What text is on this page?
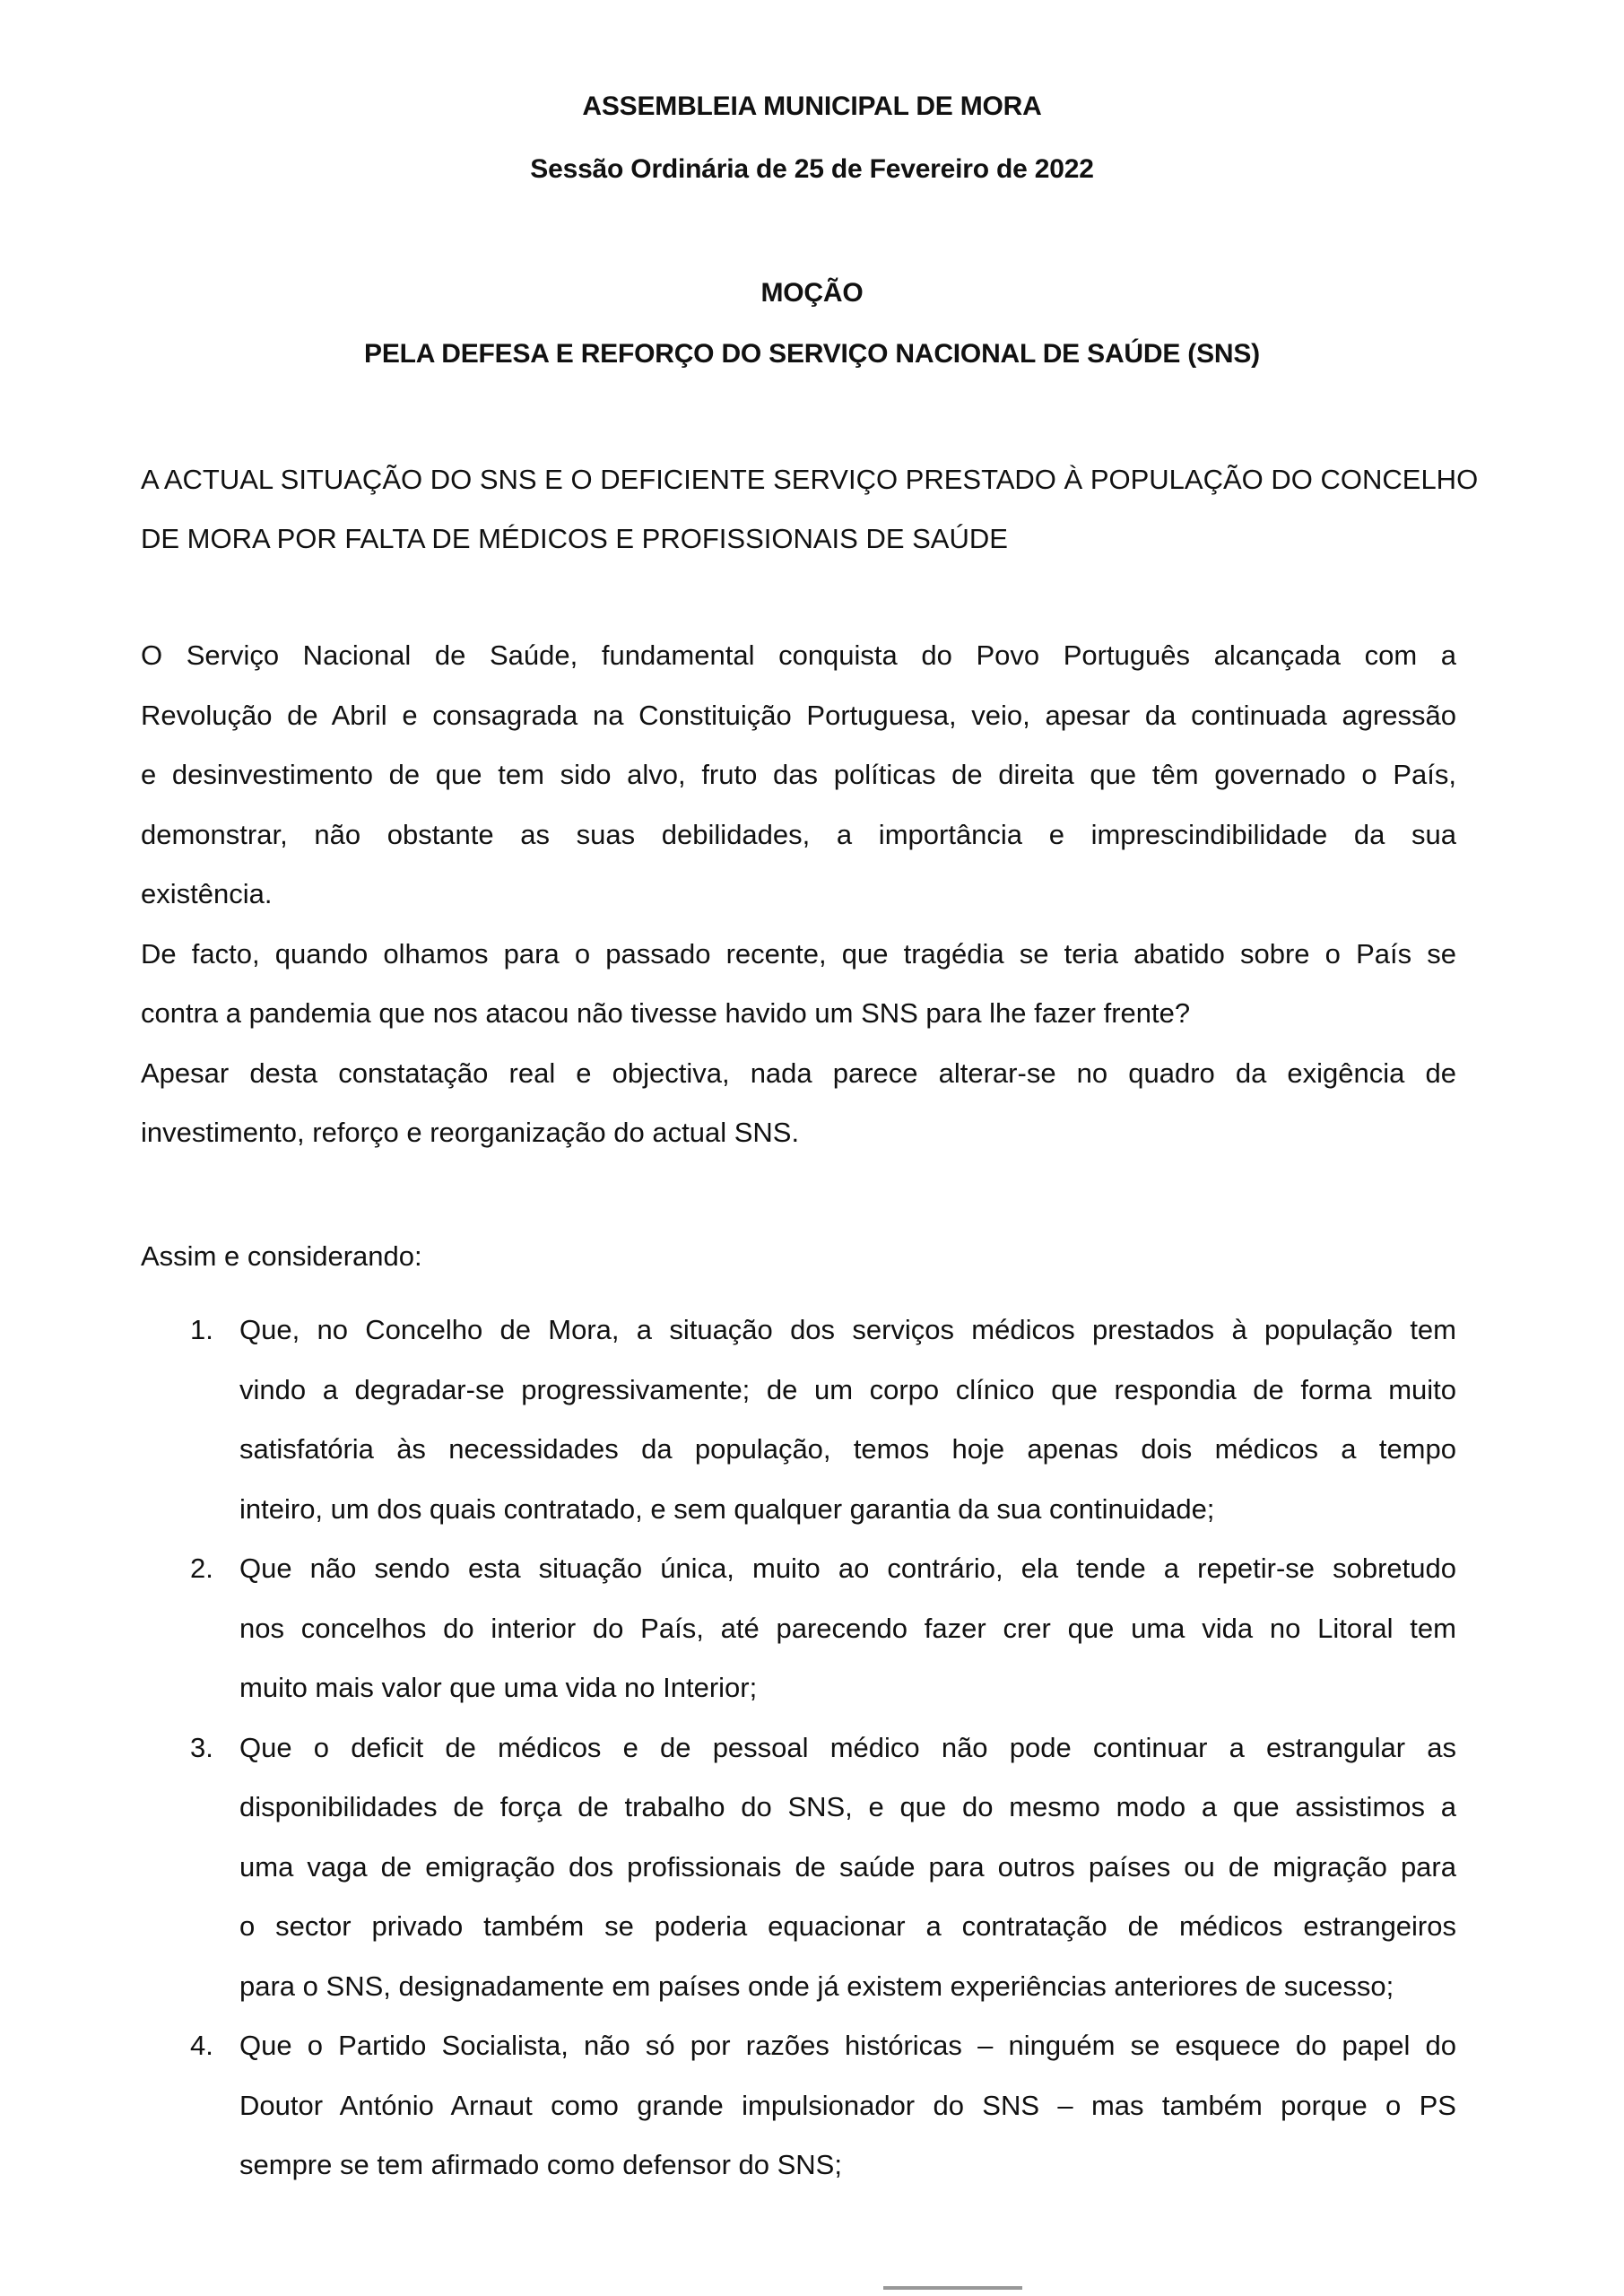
ASSEMBLEIA MUNICIPAL DE MORA
Sessão Ordinária de 25 de Fevereiro de 2022
MOÇÃO
PELA DEFESA E REFORÇO DO SERVIÇO NACIONAL DE SAÚDE (SNS)

A ACTUAL SITUAÇÃO DO SNS E O DEFICIENTE SERVIÇO PRESTADO À POPULAÇÃO DO CONCELHO

DE MORA POR FALTA DE MÉDICOS E PROFISSIONAIS DE SAÚDE

O Serviço Nacional de Saúde, fundamental conquista do Povo Português alcançada com a

Revolução de Abril e consagrada na Constituição Portuguesa, veio, apesar da continuada agressão

e desinvestimento de que tem sido alvo, fruto das políticas de direita que têm governado o País,

demonstrar, não obstante as suas debilidades, a importância e imprescindibilidade da sua

existência.

De facto, quando olhamos para o passado recente, que tragédia se teria abatido sobre o País se

contra a pandemia que nos atacou não tivesse havido um SNS para lhe fazer frente?

Apesar desta constatação real e objectiva, nada parece alterar-se no quadro da exigência de

investimento, reforço e reorganização do actual SNS.

Assim e considerando:

1. Que, no Concelho de Mora, a situação dos serviços médicos prestados à população tem

vindo a degradar-se progressivamente; de um corpo clínico que respondia de forma muito

satisfatória às necessidades da população, temos hoje apenas dois médicos a tempo

inteiro, um dos quais contratado, e sem qualquer garantia da sua continuidade;

2. Que não sendo esta situação única, muito ao contrário, ela tende a repetir-se sobretudo

nos concelhos do interior do País, até parecendo fazer crer que uma vida no Litoral tem

muito mais valor que uma vida no Interior;

3. Que o deficit de médicos e de pessoal médico não pode continuar a estrangular as

disponibilidades de força de trabalho do SNS, e que do mesmo modo a que assistimos a

uma vaga de emigração dos profissionais de saúde para outros países ou de migração para

o sector privado também se poderia equacionar a contratação de médicos estrangeiros

para o SNS, designadamente em países onde já existem experiências anteriores de sucesso;

4. Que o Partido Socialista, não só por razões históricas – ninguém se esquece do papel do

Doutor António Arnaut como grande impulsionador do SNS – mas também porque o PS

sempre se tem afirmado como defensor do SNS;
